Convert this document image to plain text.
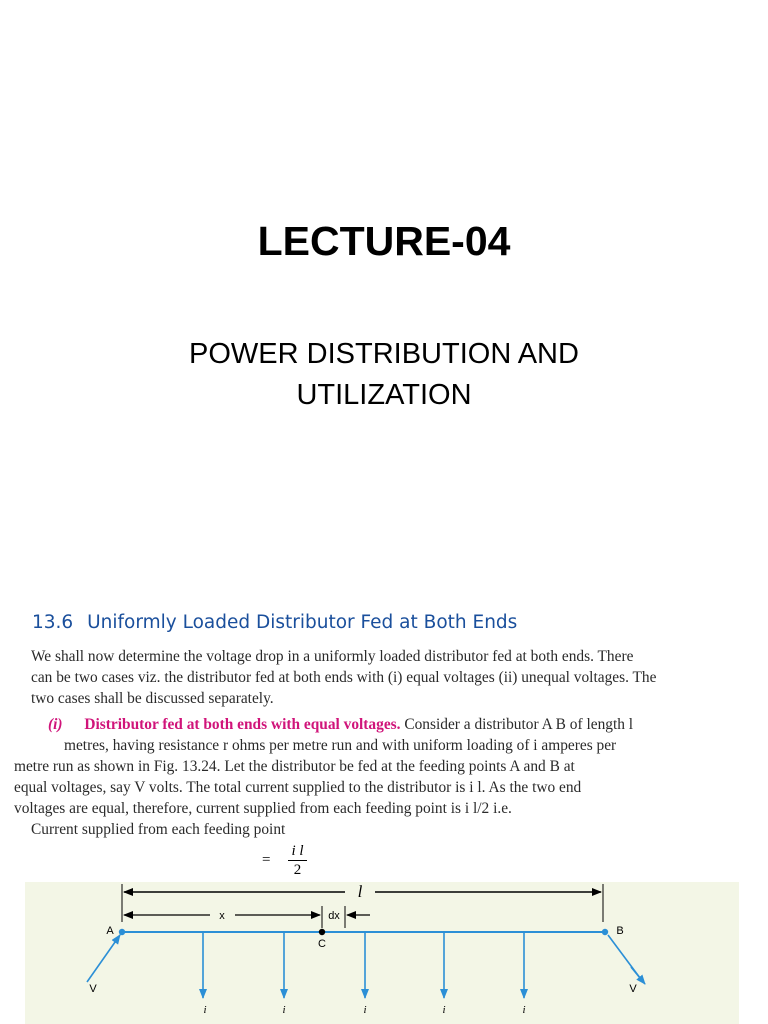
LECTURE-04
POWER DISTRIBUTION AND
UTILIZATION
13.6 Uniformly Loaded Distributor Fed at Both Ends
We shall now determine the voltage drop in a uniformly loaded distributor fed at both ends. There
can be two cases viz. the distributor fed at both ends with (i) equal voltages (ii) unequal voltages. The
two cases shall be discussed separately.
(i) Distributor fed at both ends with equal voltages. Consider a distributor A B of length l
metres, having resistance r ohms per metre run and with uniform loading of i amperes per
metre run as shown in Fig. 13.24. Let the distributor be fed at the feeding points A and B at
equal voltages, say V volts. The total current supplied to the distributor is i l. As the two end
voltages are equal, therefore, current supplied from each feeding point is i l/2 i.e.
Current supplied from each feeding point
= $\frac{\text{i l}}{2}$
l
x	dx
A	B
C
V	V
i	i	i	i	i
